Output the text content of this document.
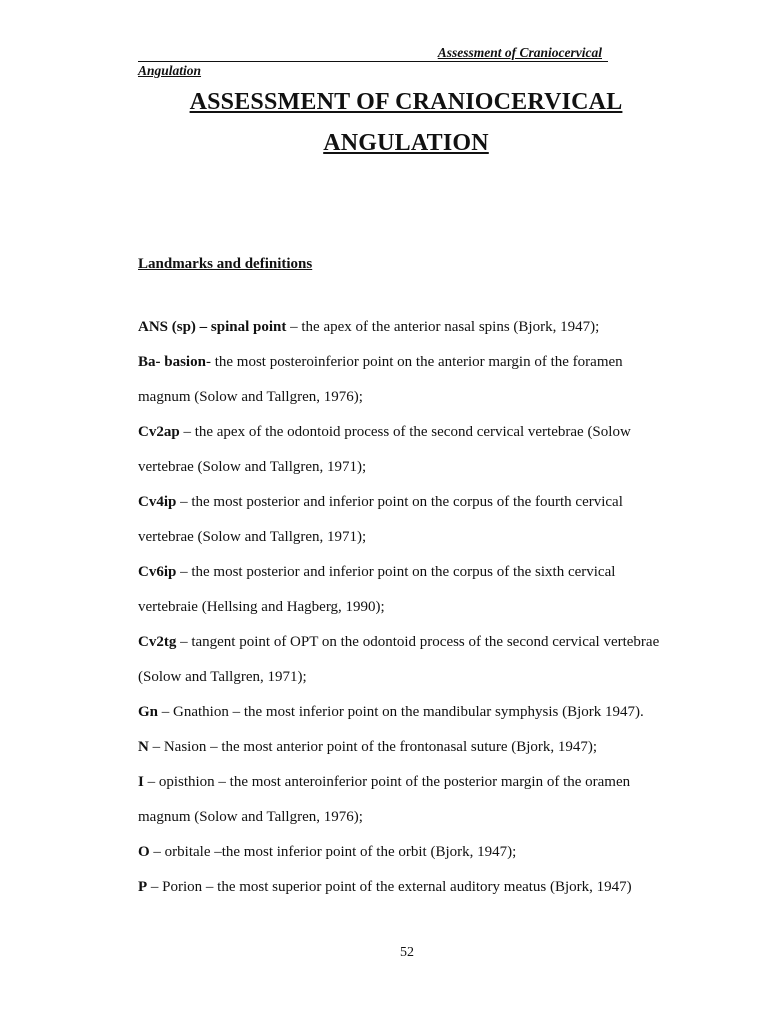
Assessment of Craniocervical
Angulation
ASSESSMENT OF CRANIOCERVICAL
ANGULATION
Landmarks and definitions

ANS (sp) – spinal point – the apex of the anterior nasal spins (Bjork, 1947);

Ba- basion- the most posteroinferior point on the anterior margin of the foramen magnum (Solow and Tallgren, 1976);

Cv2ap – the apex of the odontoid process of the second cervical vertebrae (Solow vertebrae (Solow and Tallgren, 1971);

Cv4ip – the most posterior and inferior point on the corpus of the fourth cervical vertebrae (Solow and Tallgren, 1971);

Cv6ip – the most posterior and inferior point on the corpus of the sixth cervical vertebraie (Hellsing and Hagberg, 1990);

Cv2tg – tangent point of OPT on the odontoid process of the second cervical vertebrae (Solow and Tallgren, 1971);

Gn – Gnathion – the most inferior point on the mandibular symphysis (Bjork 1947).

N – Nasion – the most anterior point of the frontonasal suture (Bjork, 1947);

I – opisthion – the most anteroinferior point of the posterior margin of the oramen magnum (Solow and Tallgren, 1976);

O – orbitale –the most inferior point of the orbit (Bjork, 1947);

P – Porion – the most superior point of the external auditory meatus (Bjork, 1947)

52
